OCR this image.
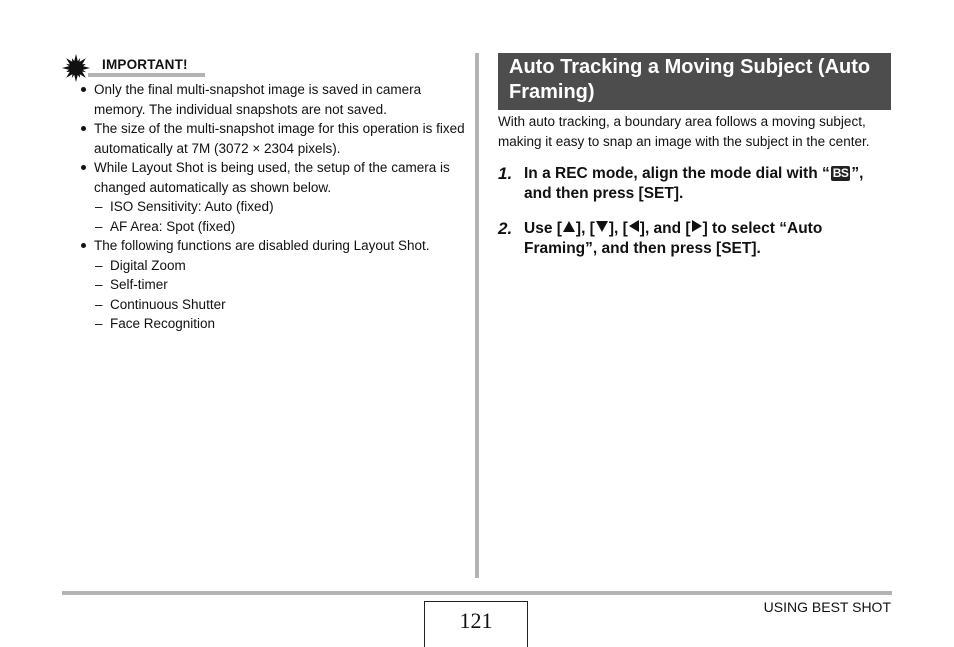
IMPORTANT!
Only the final multi-snapshot image is saved in camera memory. The individual snapshots are not saved.
The size of the multi-snapshot image for this operation is fixed automatically at 7M (3072 × 2304 pixels).
While Layout Shot is being used, the setup of the camera is changed automatically as shown below.
– ISO Sensitivity: Auto (fixed)
– AF Area: Spot (fixed)
The following functions are disabled during Layout Shot.
– Digital Zoom
– Self-timer
– Continuous Shutter
– Face Recognition
Auto Tracking a Moving Subject (Auto Framing)
With auto tracking, a boundary area follows a moving subject, making it easy to snap an image with the subject in the center.
1. In a REC mode, align the mode dial with “ BS ”, and then press [SET].
2. Use [ ], [ ], [ ], and [ ] to select “Auto Framing”, and then press [SET].
121
USING BEST SHOT
